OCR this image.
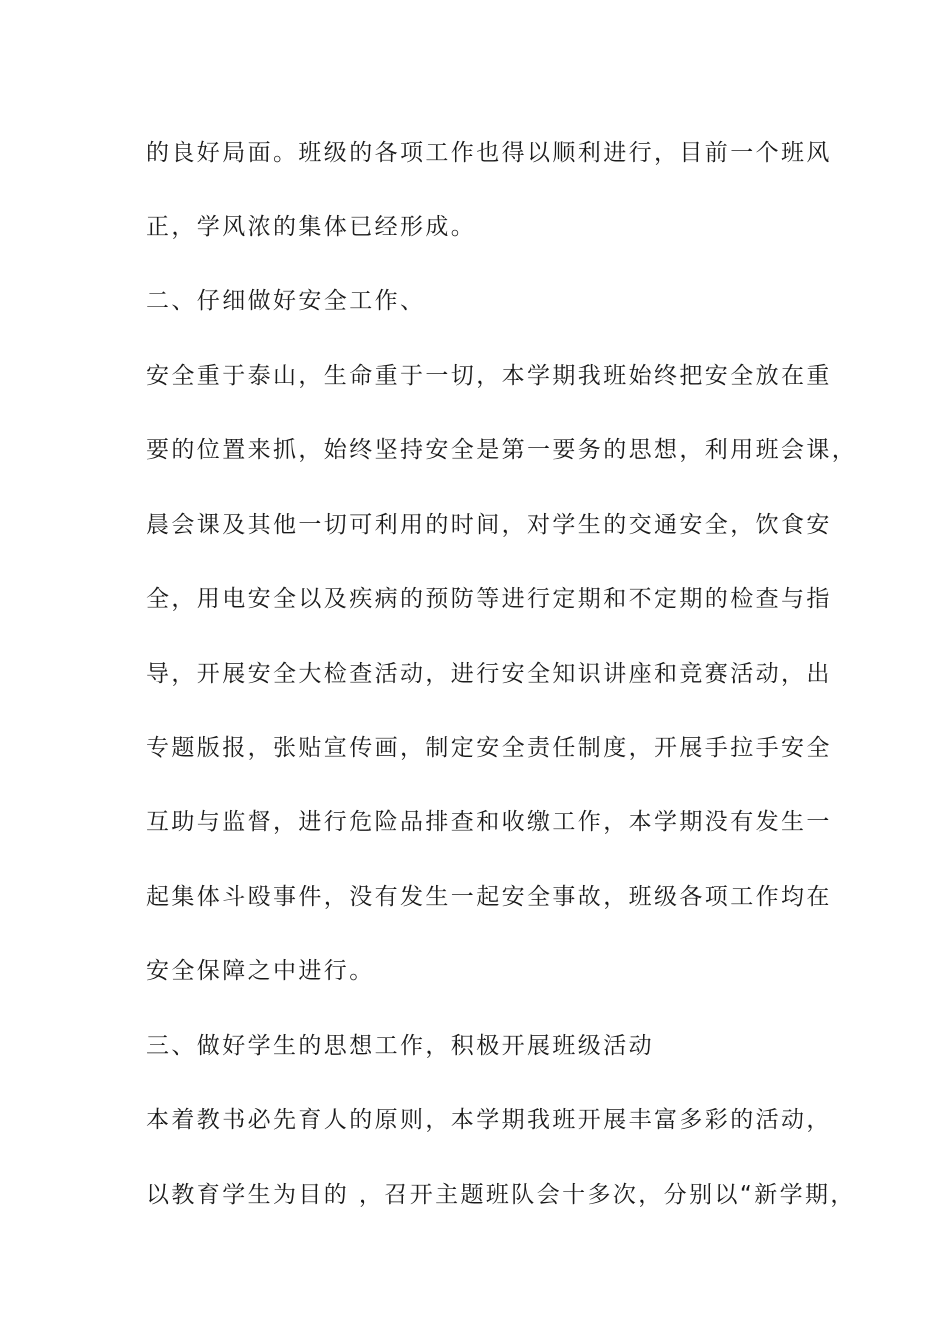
的良好局面。班级的各项工作也得以顺利进行，目前一个班风
正，学风浓的集体已经形成。
二、仔细做好安全工作、
安全重于泰山，生命重于一切，本学期我班始终把安全放在重
要的位置来抓，始终坚持安全是第一要务的思想，利用班会课，
晨会课及其他一切可利用的时间，对学生的交通安全，饮食安
全，用电安全以及疾病的预防等进行定期和不定期的检查与指
导，开展安全大检查活动，进行安全知识讲座和竞赛活动，出
专题版报，张贴宣传画，制定安全责任制度，开展手拉手安全
互助与监督，进行危险品排查和收缴工作，本学期没有发生一
起集体斗殴事件，没有发生一起安全事故，班级各项工作均在
安全保障之中进行。
三、做好学生的思想工作，积极开展班级活动
本着教书必先育人的原则，本学期我班开展丰富多彩的活动，
以教育学生为目的 ，召开主题班队会十多次，分别以“新学期，
